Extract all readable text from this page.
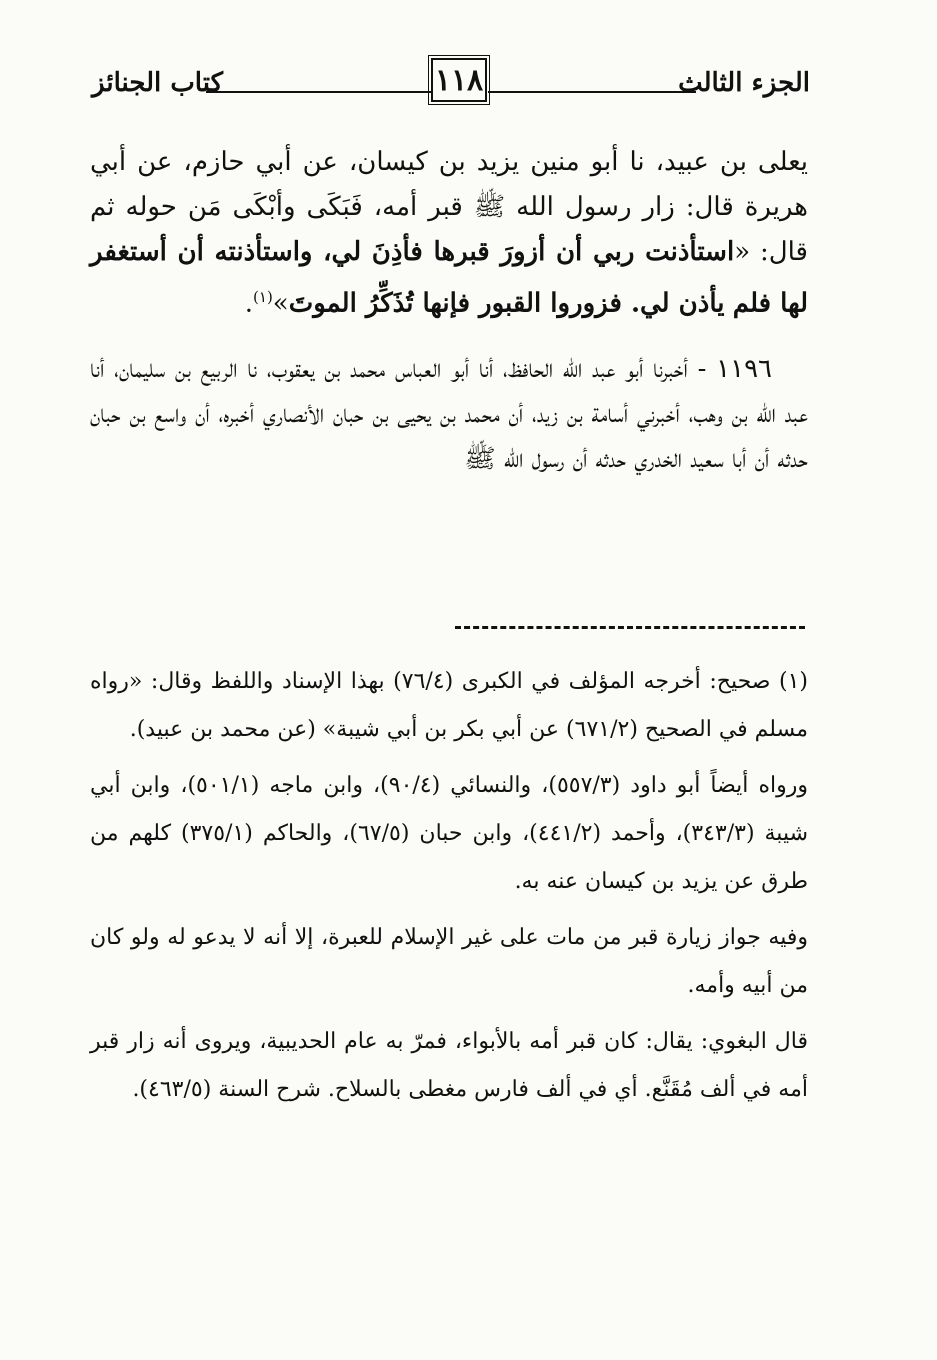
كتاب الجنائز	١١٨	الجزء الثالث

يعلى بن عبيد، نا أبو منين يزيد بن كيسان، عن أبي حازم، عن أبي هريرة قال: زار رسول الله ﷺ قبر أمه، فَبَكَى وأبْكَى مَن حوله ثم قال: «استأذنت ربي أن أزورَ قبرها فأذِنَ لي، واستأذنته أن أستغفر لها فلم يأذن لي. فزوروا القبور فإنها تُذَكِّرُ الموتَ»$^{(١)}$.

١١٩٦ - أخبرنا أبو عبد الله الحافظ، أنا أبو العباس محمد بن يعقوب، نا الربيع بن سليمان، أنا عبد الله بن وهب، أخبرني أسامة بن زيد، أن محمد بن يحيى بن حبان الأنصاري أخبره، أن واسع بن حبان حدثه أن أبا سعيد الخدري حدثه أن رسول الله ﷺ

(١) صحيح: أخرجه المؤلف في الكبرى (٧٦/٤) بهذا الإسناد واللفظ وقال: «رواه مسلم في الصحيح (٦٧١/٢) عن أبي بكر بن أبي شيبة» (عن محمد بن عبيد).

ورواه أيضاً أبو داود (٥٥٧/٣)، والنسائي (٩٠/٤)، وابن ماجه (٥٠١/١)، وابن أبي شيبة (٣٤٣/٣)، وأحمد (٤٤١/٢)، وابن حبان (٦٧/٥)، والحاكم (٣٧٥/١) كلهم من طرق عن يزيد بن كيسان عنه به.

وفيه جواز زيارة قبر من مات على غير الإسلام للعبرة، إلا أنه لا يدعو له ولو كان من أبيه وأمه.

قال البغوي: يقال: كان قبر أمه بالأبواء، فمرّ به عام الحديبية، ويروى أنه زار قبر أمه في ألف مُقَنَّع. أي في ألف فارس مغطى بالسلاح. شرح السنة (٤٦٣/٥).
